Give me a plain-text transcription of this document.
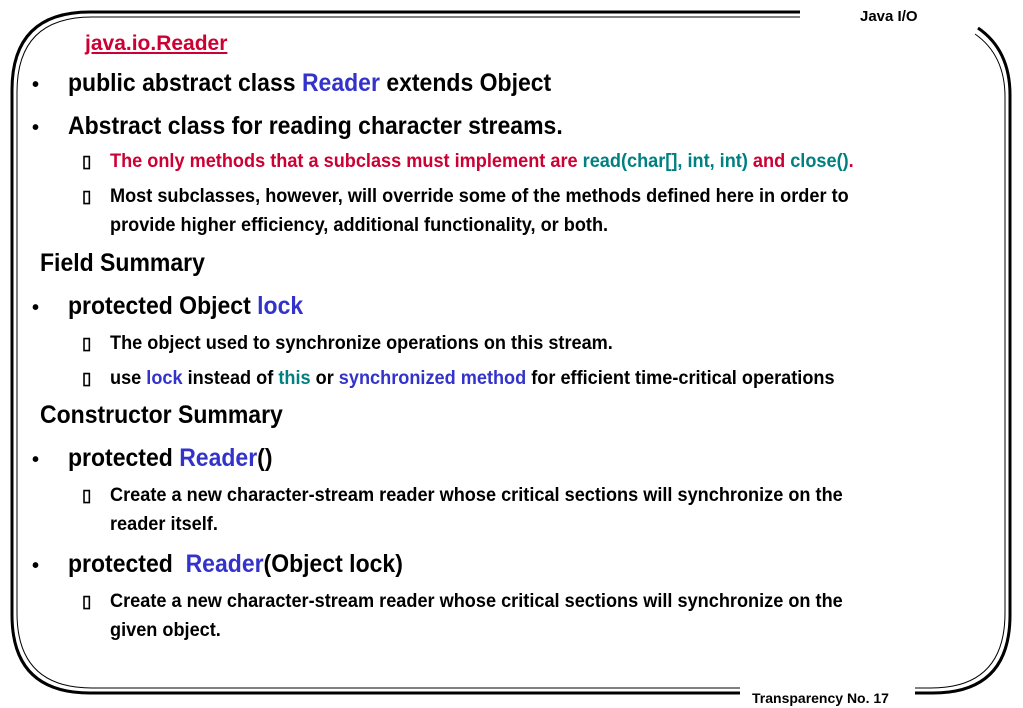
Java I/O
Transparency No. 17
java.io.Reader
• public abstract class Reader extends Object
• Abstract class for reading character streams.
▯ The only methods that a subclass must implement are read(char[], int, int) and close().
▯ Most subclasses, however, will override some of the methods defined here in order to
provide higher efficiency, additional functionality, or both.
Field Summary
• protected Object lock
▯ The object used to synchronize operations on this stream.
▯ use lock instead of this or synchronized method for efficient time-critical operations
Constructor Summary
• protected Reader()
▯ Create a new character-stream reader whose critical sections will synchronize on the
reader itself.
• protected  Reader(Object lock)
▯ Create a new character-stream reader whose critical sections will synchronize on the
given object.
